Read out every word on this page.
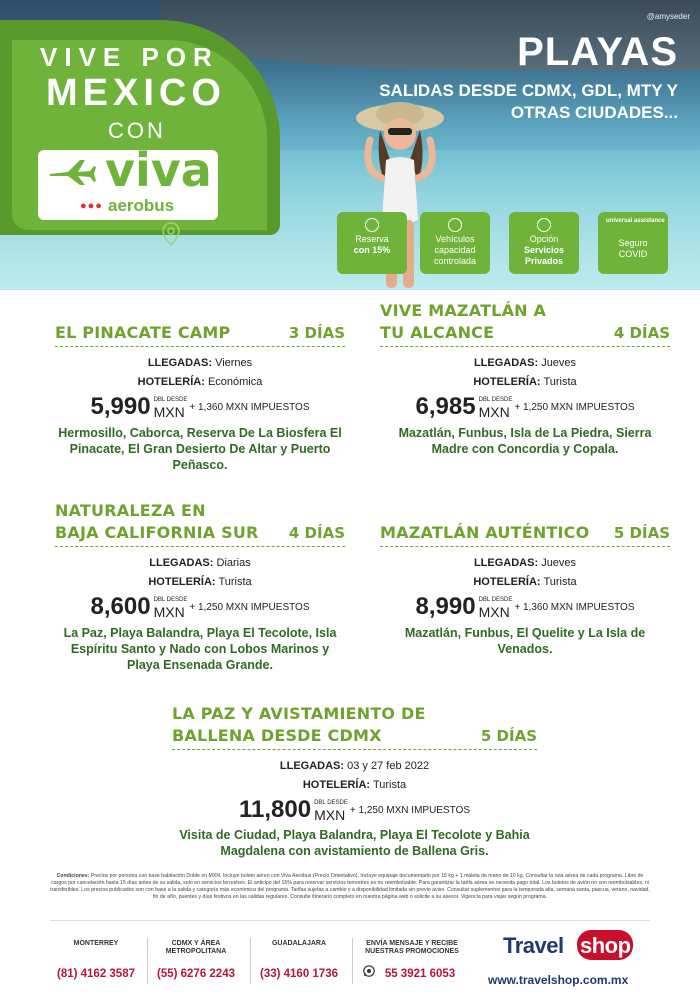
VIVE POR
MEXICO
CON
viva
●●● aerobus
@amyseder
PLAYAS
SALIDAS DESDE CDMX, GDL, MTY Y OTRAS CIUDADES...
Reserva
con 15%
Vehículos
capacidad controlada
Opción
Servicios Privados
universal assistance
Seguro
COVID
EL PINACATE CAMP	3 DÍAS
LLEGADAS: Viernes
HOTELERÍA: Económica
5,990 DBL DESDE
MXN + 1,360 MXN IMPUESTOS
Hermosillo, Caborca, Reserva De La Biosfera El Pinacate, El Gran Desierto De Altar y Puerto Peñasco.
VIVE MAZATLÁN A
TU ALCANCE	4 DÍAS
LLEGADAS: Jueves
HOTELERÍA: Turista
6,985 DBL DESDE
MXN + 1,250 MXN IMPUESTOS
Mazatlán, Funbus, Isla de La Piedra, Sierra Madre con Concordia y Copala.
NATURALEZA EN
BAJA CALIFORNIA SUR 4 DÍAS
LLEGADAS: Diarias
HOTELERÍA: Turista
8,600 DBL DESDE
MXN + 1,250 MXN IMPUESTOS
La Paz, Playa Balandra, Playa El Tecolote, Isla Espíritu Santo y Nado con Lobos Marinos y Playa Ensenada Grande.
MAZATLÁN AUTÉNTICO 5 DÍAS
LLEGADAS: Jueves
HOTELERÍA: Turista
8,990 DBL DESDE
MXN + 1,360 MXN IMPUESTOS
Mazatlán, Funbus, El Quelite y La Isla de Venados.
LA PAZ Y AVISTAMIENTO DE
BALLENA DESDE CDMX	5 DÍAS
LLEGADAS: 03 y 27 feb 2022
HOTELERÍA: Turista
11,800 DBL DESDE
MXN + 1,250 MXN IMPUESTOS
Visita de Ciudad, Playa Balandra, Playa El Tecolote y Bahia Magdalena con avistamiento de Ballena Gris.
Condiciones: Precios por persona con base habitación Doble en MXN. Incluye boleto aéreo con Viva Aerobus (Precio Orientativo). Incluye equipaje documentado por 15 kg + 1 maleta de mano de 10 kg. Consultar la ruta aérea de cada programa. Libre de cargos por cancelación hasta 15 días antes de su salida, solo en servicios terrestres. El anticipo del 15% para reservar servicios terrestres es no reembolsable. Para garantizar la tarifa aérea se necesita pago total. Los boletos de avión no son reembolsables, ni transferibles. Los precios publicados son con base a la salida y categoría más económica del programa. Tarifas sujetas a cambio y a disponibilidad limitada sin previo aviso. Consultar suplementos para la temporada alta, semana santa, pascua, verano, navidad, fin de año, puentes y días festivos en las salidas regulares. Consulte itinerario completo en nuestra página web o solicite a su asesor. Vigencia para viajar según programa.
MONTERREY
(81) 4162 3587
CDMX Y ÁREA METROPOLITANA
(55) 6276 2243
GUADALAJARA
(33) 4160 1736
ENVÍA MENSAJE Y RECIBE NUESTRAS PROMOCIONES
55 3921 6053
Travel shop
www.travelshop.com.mx
